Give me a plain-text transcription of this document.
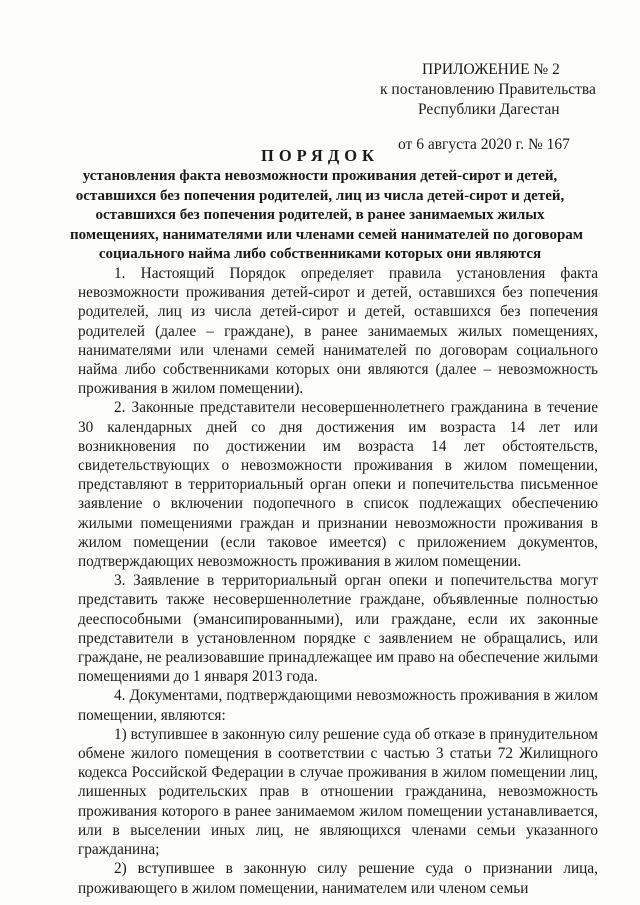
ПРИЛОЖЕНИЕ № 2
к постановлению Правительства
Республики Дагестан
от 6 августа 2020 г. № 167
ПОРЯДОК
установления факта невозможности проживания детей-сирот и детей,
оставшихся без попечения родителей, лиц из числа детей-сирот и детей,
оставшихся без попечения родителей, в ранее занимаемых жилых
помещениях, нанимателями или членами семей нанимателей по договорам
социального найма либо собственниками которых они являются

1. Настоящий Порядок определяет правила установления факта невозможности проживания детей-сирот и детей, оставшихся без попечения родителей, лиц из числа детей-сирот и детей, оставшихся без попечения родителей (далее – граждане), в ранее занимаемых жилых помещениях, нанимателями или членами семей нанимателей по договорам социального найма либо собственниками которых они являются (далее – невозможность проживания в жилом помещении).

2. Законные представители несовершеннолетнего гражданина в течение 30 календарных дней со дня достижения им возраста 14 лет или возникновения по достижении им возраста 14 лет обстоятельств, свидетельствующих о невозможности проживания в жилом помещении, представляют в территориальный орган опеки и попечительства письменное заявление о включении подопечного в список подлежащих обеспечению жилыми помещениями граждан и признании невозможности проживания в жилом помещении (если таковое имеется) с приложением документов, подтверждающих невозможность проживания в жилом помещении.

3. Заявление в территориальный орган опеки и попечительства могут представить также несовершеннолетние граждане, объявленные полностью дееспособными (эмансипированными), или граждане, если их законные представители в установленном порядке с заявлением не обращались, или граждане, не реализовавшие принадлежащее им право на обеспечение жилыми помещениями до 1 января 2013 года.

4. Документами, подтверждающими невозможность проживания в жилом помещении, являются:

1) вступившее в законную силу решение суда об отказе в принудительном обмене жилого помещения в соответствии с частью 3 статьи 72 Жилищного кодекса Российской Федерации в случае проживания в жилом помещении лиц, лишенных родительских прав в отношении гражданина, невозможность проживания которого в ранее занимаемом жилом помещении устанавливается, или в выселении иных лиц, не являющихся членами семьи указанного гражданина;

2) вступившее в законную силу решение суда о признании лица, проживающего в жилом помещении, нанимателем или членом семьи
